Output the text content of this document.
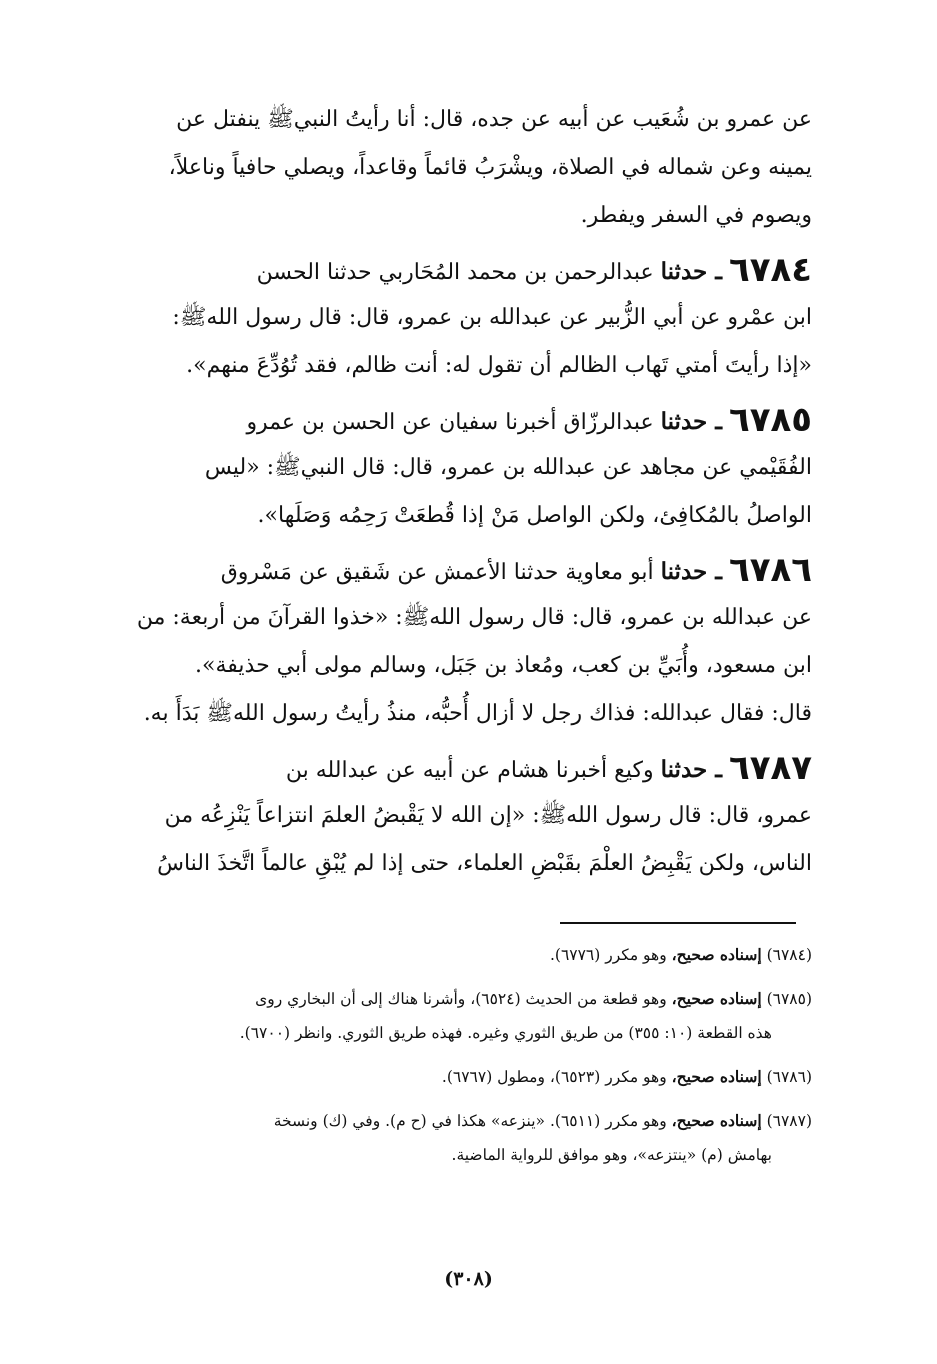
عن عمرو بن شُعَيب عن أبيه عن جده، قال: أنا رأيتُ النبيﷺ ينفتل عن
يمينه وعن شماله في الصلاة، ويشْرَبُ قائماً وقاعداً، ويصلي حافياً وناعلاً،
ويصوم في السفر ويفطر.
٦٧٨٤ ـ حدثنا عبدالرحمن بن محمد المُحَاربي حدثنا الحسن
ابن عمْرو عن أبي الزُّبير عن عبدالله بن عمرو، قال: قال رسول اللهﷺ:
«إذا رأيتَ أمتي تَهاب الظالم أن تقول له: أنت ظالم، فقد تُوُدِّعَ منهم».
٦٧٨٥ ـ حدثنا عبدالرزّاق أخبرنا سفيان عن الحسن بن عمرو
الفُقَيْمي عن مجاهد عن عبدالله بن عمرو، قال: قال النبيﷺ: «ليس
الواصلُ بالمُكافِئ، ولكن الواصل مَنْ إذا قُطعَتْ رَحِمُه وَصَلَها».
٦٧٨٦ ـ حدثنا أبو معاوية حدثنا الأعمش عن شَقيق عن مَسْروق
عن عبدالله بن عمرو، قال: قال رسول اللهﷺ: «خذوا القرآنَ من أربعة: من
ابن مسعود، وأُبَيِّ بن كعب، ومُعاذ بن جَبَل، وسالم مولى أبي حذيفة».
قال: فقال عبدالله: فذاك رجل لا أزال أُحبُّه، منذُ رأيتُ رسول اللهﷺ بَدَأَ به.
٦٧٨٧ ـ حدثنا وكيع أخبرنا هشام عن أبيه عن عبدالله بن
عمرو، قال: قال رسول اللهﷺ: «إن الله لا يَقْبضُ العلمَ انتزاعاً يَنْزِعُه من
الناس، ولكن يَقْبِضُ العلْمَ بقَبْضِ العلماء، حتى إذا لم يُبْقِ عالماً اتَّخذَ الناسُ
(٦٧٨٤) إسناده صحيح، وهو مكرر (٦٧٧٦).
(٦٧٨٥) إسناده صحيح، وهو قطعة من الحديث (٦٥٢٤)، وأشرنا هناك إلى أن البخاري روى
هذه القطعة (١٠: ٣٥٥) من طريق الثوري وغيره. فهذه طريق الثوري. وانظر (٦٧٠٠).
(٦٧٨٦) إسناده صحيح، وهو مكرر (٦٥٢٣)، ومطول (٦٧٦٧).
(٦٧٨٧) إسناده صحيح، وهو مكرر (٦٥١١). «ينزعه» هكذا في (ح م). وفي (ك) ونسخة
بهامش (م) «ينتزعه»، وهو موافق للرواية الماضية.
(٣٠٨)
